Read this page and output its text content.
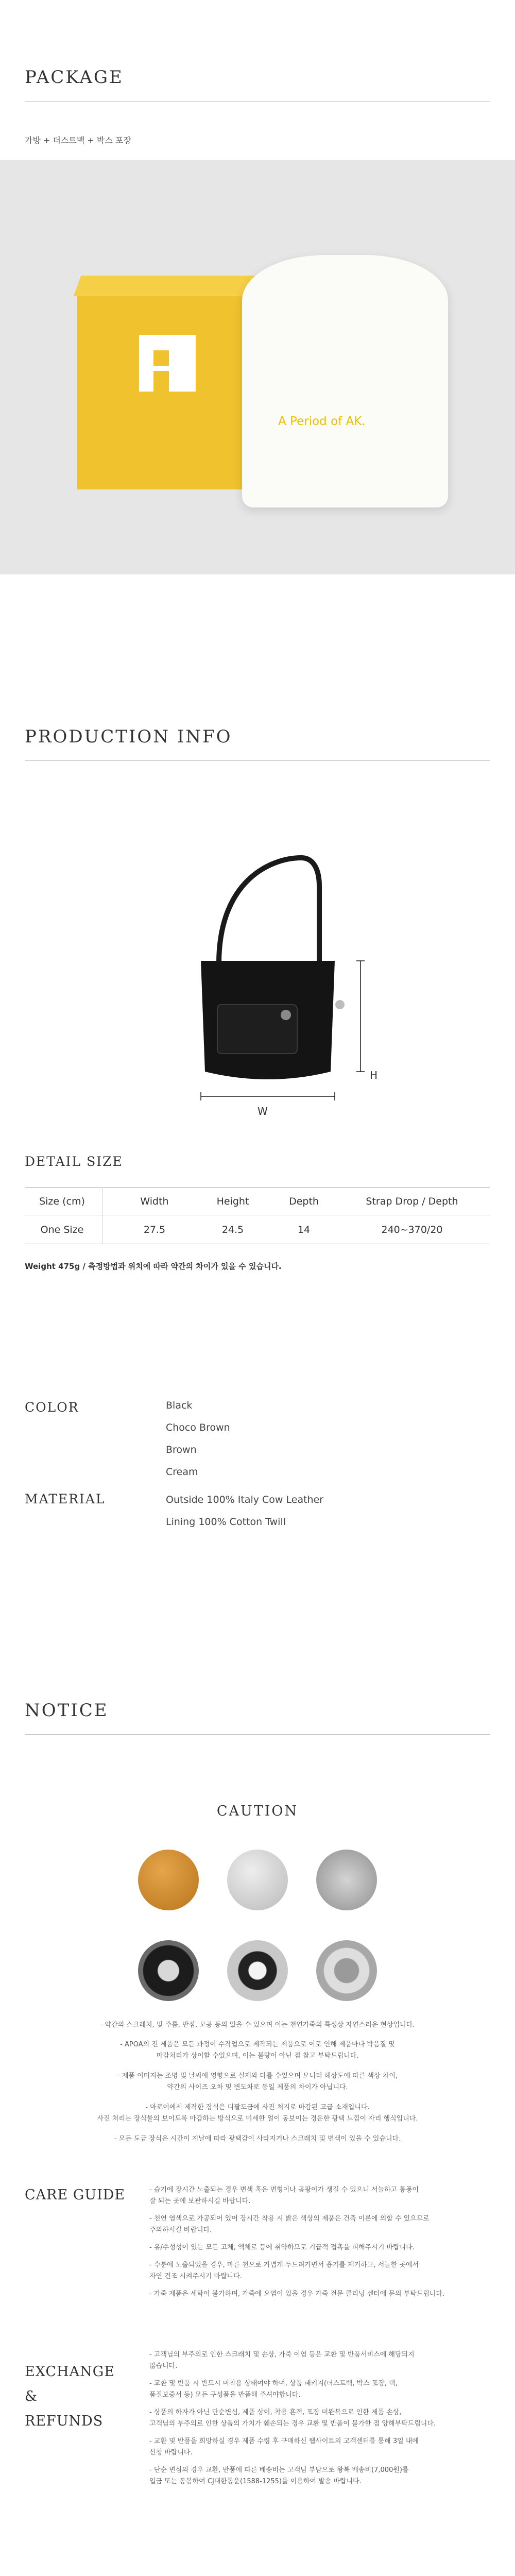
PACKAGE
가방 + 더스트백 + 박스 포장
A Period of AK.
PRODUCTION INFO
H
W
DETAIL SIZE
Size (cm)	Width	Height	Depth	Strap Drop / Depth
One Size	27.5	24.5	14	240~370/20
Weight 475g / 측정방법과 위치에 따라 약간의 차이가 있을 수 있습니다.
COLOR	Black
Choco Brown
Brown
Cream
MATERIAL	Outside 100% Italy Cow Leather
Lining 100% Cotton Twill
NOTICE
CAUTION
- 약간의 스크레치, 및 주름, 반점, 모공 등의 있을 수 있으며 이는 천연가죽의 특성상 자연스러운 현상입니다.
- APOA의 전 제품은 모든 과정이 수작업으로 제작되는 제품으로 이로 인해 제품마다 박음질 및
마감처리가 상이할 수있으며, 이는 불량이 아닌 점 참고 부탁드립니다.
- 제품 이미지는 조명 및 날씨에 영향으로 실제와 다를 수있으며 모니터 해상도에 따른 색상 차이,
약간의 사이즈 오차 및 변도차로 동일 제품의 차이가 아닙니다.
- 마로어에서 제작한 장식은 디팔도금에 사진 처지로 마감된 고급 소재입니다.
사진 처리는 장식물의 보이도록 마감하는 방식으로 미세한 얼이 동보이는 경운한 광택 느낌이 자리 행식입니다.
- 모든 도금 장식은 시간이 지날에 따라 광택감이 사라지거나 스크래치 및 변색이 있을 수 있습니다.
CARE GUIDE	- 습기에 장시간 노출되는 경우 변색 혹은 변형이나 곰팡이가 생길 수 있으니 서늘하고 통풍이
잘 되는 곳에 보관하시길 바랍니다.
- 천연 염색으로 가공되어 있어 장시간 착용 시 밝은 색상의 제품은 건축 이론에 의할 수 있으므로
주의하시길 바랍니다.
- 유/수성성이 있는 모든 고체, 액체로 등에 취약하므로 기급적 접촉을 피해주시기 바랍니다.
- 수분에 노출되었을 경우, 마른 천으로 가볍게 두드려가면서 흡기를 제거하고, 서늘한 곳에서
자연 건조 시켜주시기 바랍니다.
- 가죽 제품은 세탁이 불가하며, 가죽에 오염이 있을 경우 가죽 전문 클리닝 센터에 문의 부탁드립니다.
EXCHANGE
&
REFUNDS
- 고객님의 부주의로 인한 스크래치 및 손상, 가죽 이염 등은 교환 및 반품서비스에 해당되지
않습니다.
- 교환 및 반품 시 반드시 미착용 상태여야 하며, 상품 패키지(더스트백, 박스 포장, 택,
품질보증서 등) 모든 구성품을 반품해 주셔야합니다.
- 상품의 하자가 아닌 단순변심, 제품 상이, 착용 흔적, 포장 미완복으로 인한 제품 손상,
고객님의 부주의로 인한 상품의 가치가 훼손되는 경우 교환 및 반품이 불가한 점 양해부탁드립니다.
- 교환 및 반품을 희망하실 경우 제품 수령 후 구매하신 웹사이트의 고객센터를 통해 3일 내에
신청 바랍니다.
- 단순 변심의 경우 교환, 반품에 따른 배송비는 고객님 부담으로 왕복 배송비(7,000원)를
입금 또는 동봉하여 CJ대한통운(1588-1255)을 이용하여 발송 바랍니다.
